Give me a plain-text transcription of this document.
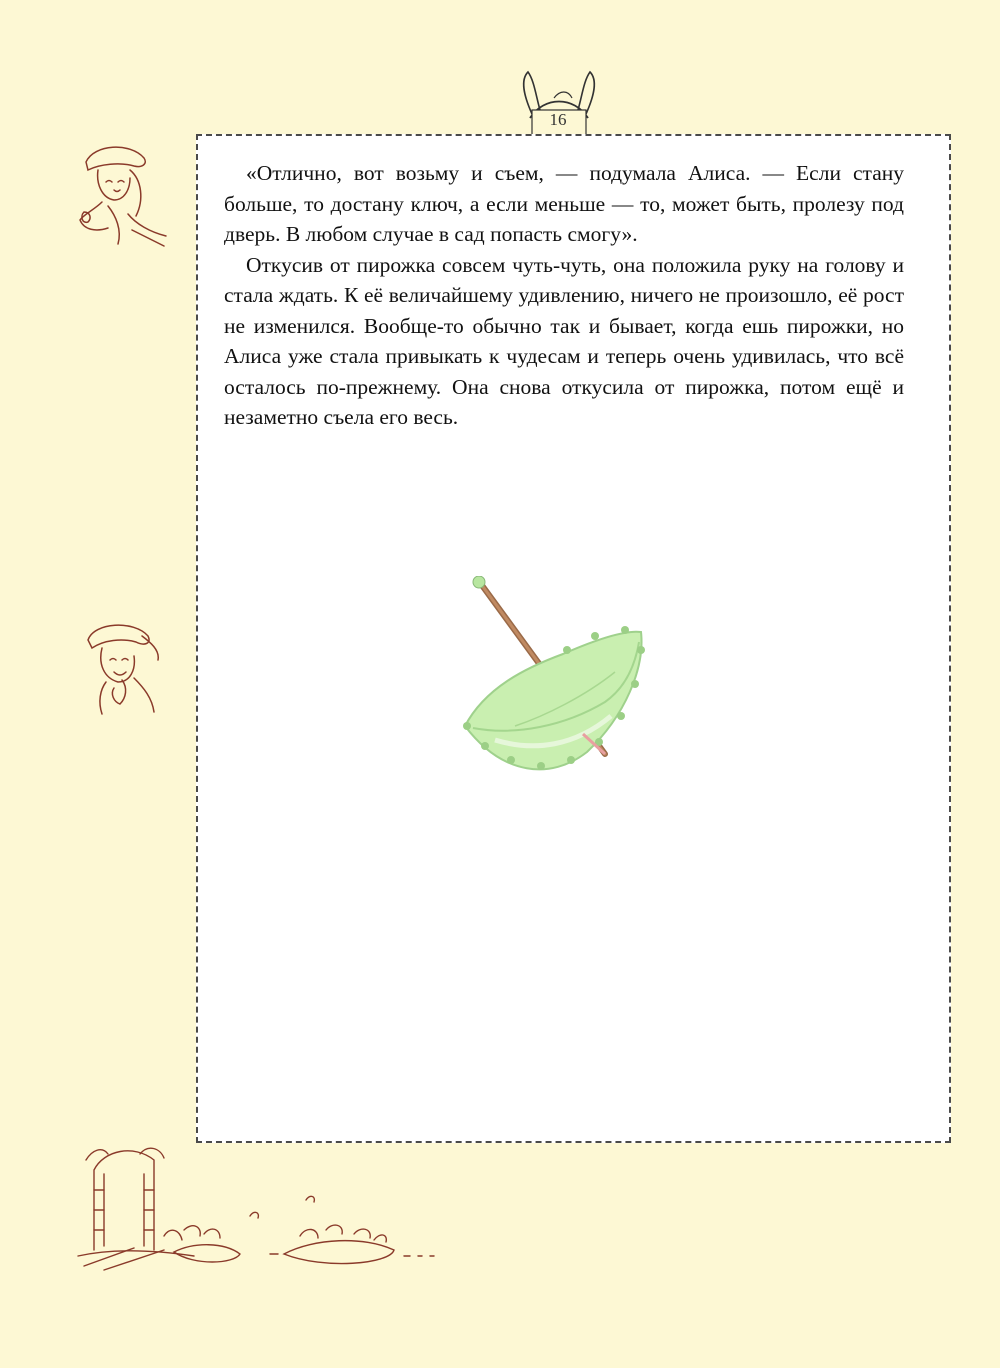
16

«Отлично, вот возьму и съем, — подумала Алиса. — Если стану больше, то достану ключ, а если меньше — то, может быть, пролезу под дверь. В любом случае в сад попасть смогу».

Откусив от пирожка совсем чуть-чуть, она положила руку на голову и стала ждать. К её величайшему удивлению, ничего не произошло, её рост не изменился. Вообще-то обычно так и бывает, когда ешь пирожки, но Алиса уже стала привыкать к чудесам и теперь очень удивилась, что всё осталось по-прежнему. Она снова откусила от пирожка, потом ещё и незаметно съела его весь.
